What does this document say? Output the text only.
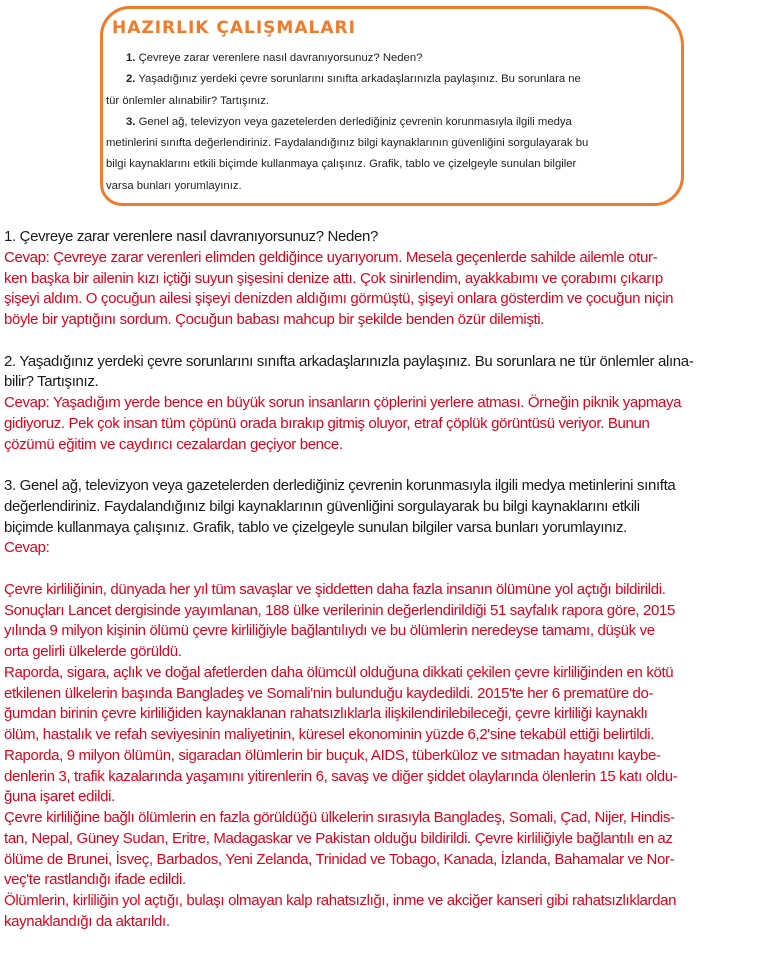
HAZIRLIK ÇALIŞMALARI
1. Çevreye zarar verenlere nasıl davranıyorsunuz? Neden?
2. Yaşadığınız yerdeki çevre sorunlarını sınıfta arkadaşlarınızla paylaşınız. Bu sorunlara ne
tür önlemler alınabilir? Tartışınız.
3. Genel ağ, televizyon veya gazetelerden derlediğiniz çevrenin korunmasıyla ilgili medya
metinlerini sınıfta değerlendiriniz. Faydalandığınız bilgi kaynaklarının güvenliğini sorgulayarak bu
bilgi kaynaklarını etkili biçimde kullanmaya çalışınız. Grafik, tablo ve çizelgeyle sunulan bilgiler
varsa bunları yorumlayınız.
1. Çevreye zarar verenlere nasıl davranıyorsunuz? Neden?
Cevap: Çevreye zarar verenleri elimden geldiğince uyarıyorum. Mesela geçenlerde sahilde ailemle otur-
ken başka bir ailenin kızı içtiği suyun şişesini denize attı. Çok sinirlendim, ayakkabımı ve çorabımı çıkarıp
şişeyi aldım. O çocuğun ailesi şişeyi denizden aldığımı görmüştü, şişeyi onlara gösterdim ve çocuğun niçin
böyle bir yaptığını sordum. Çocuğun babası mahcup bir şekilde benden özür dilemişti.
2. Yaşadığınız yerdeki çevre sorunlarını sınıfta arkadaşlarınızla paylaşınız. Bu sorunlara ne tür önlemler alına-
bilir? Tartışınız.
Cevap: Yaşadığım yerde bence en büyük sorun insanların çöplerini yerlere atması. Örneğin piknik yapmaya
gidiyoruz. Pek çok insan tüm çöpünü orada bırakıp gitmiş oluyor, etraf çöplük görüntüsü veriyor. Bunun
çözümü eğitim ve caydırıcı cezalardan geçiyor bence.
3. Genel ağ, televizyon veya gazetelerden derlediğiniz çevrenin korunmasıyla ilgili medya metinlerini sınıfta
değerlendiriniz. Faydalandığınız bilgi kaynaklarının güvenliğini sorgulayarak bu bilgi kaynaklarını etkili
biçimde kullanmaya çalışınız. Grafik, tablo ve çizelgeyle sunulan bilgiler varsa bunları yorumlayınız.
Cevap:
Çevre kirliliğinin, dünyada her yıl tüm savaşlar ve şiddetten daha fazla insanın ölümüne yol açtığı bildirildi.
Sonuçları Lancet dergisinde yayımlanan, 188 ülke verilerinin değerlendirildiği 51 sayfalık rapora göre, 2015
yılında 9 milyon kişinin ölümü çevre kirliliğiyle bağlantılıydı ve bu ölümlerin neredeyse tamamı, düşük ve
orta gelirli ülkelerde görüldü.
Raporda, sigara, açlık ve doğal afetlerden daha ölümcül olduğuna dikkati çekilen çevre kirliliğinden en kötü
etkilenen ülkelerin başında Bangladeş ve Somali'nin bulunduğu kaydedildi. 2015'te her 6 prematüre do-
ğumdan birinin çevre kirliliğiden kaynaklanan rahatsızlıklarla ilişkilendirilebileceği, çevre kirliliği kaynaklı
ölüm, hastalık ve refah seviyesinin maliyetinin, küresel ekonominin yüzde 6,2'sine tekabül ettiği belirtildi.
Raporda, 9 milyon ölümün, sigaradan ölümlerin bir buçuk, AIDS, tüberküloz ve sıtmadan hayatını kaybe-
denlerin 3, trafik kazalarında yaşamını yitirenlerin 6, savaş ve diğer şiddet olaylarında ölenlerin 15 katı oldu-
ğuna işaret edildi.
Çevre kirliliğine bağlı ölümlerin en fazla görüldüğü ülkelerin sırasıyla Bangladeş, Somali, Çad, Nijer, Hindis-
tan, Nepal, Güney Sudan, Eritre, Madagaskar ve Pakistan olduğu bildirildi. Çevre kirliliğiyle bağlantılı en az
ölüme de Brunei, İsveç, Barbados, Yeni Zelanda, Trinidad ve Tobago, Kanada, İzlanda, Bahamalar ve Nor-
veç'te rastlandığı ifade edildi.
Ölümlerin, kirliliğin yol açtığı, bulaşı olmayan kalp rahatsızlığı, inme ve akciğer kanseri gibi rahatsızlıklardan
kaynaklandığı da aktarıldı.
